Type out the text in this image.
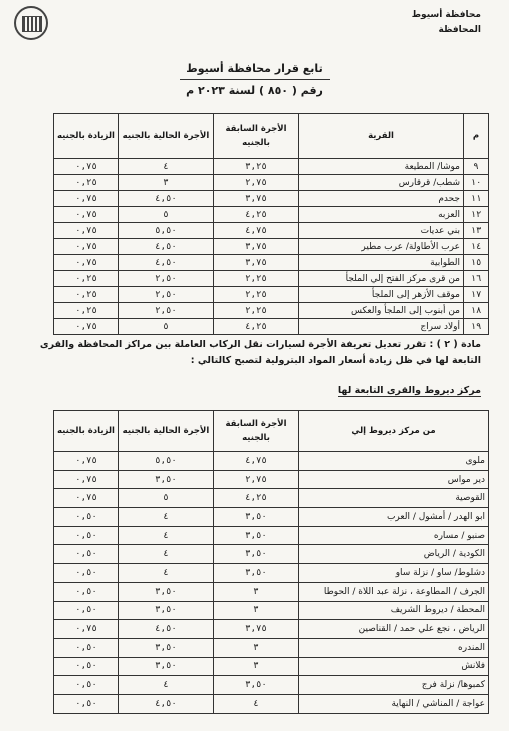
محافظة أسيوط
المحافظة
تابع قرار محافظة أسيوط
رقم ( ٨٥٠ ) لسنة ٢٠٢٣ م
م	القرية	الأجرة السابقة بالجنيه	الأجرة الحالية بالجنيه	الزيادة بالجنيه
٩	موشا/ المطيعة	٣,٢٥	٤	٠,٧٥
١٠	شطب/ قرقارس	٢,٧٥	٣	٠,٢٥
١١	جحدم	٣,٧٥	٤,٥٠	٠,٧٥
١٢	العزبه	٤,٢٥	٥	٠,٧٥
١٣	بني عديات	٤,٧٥	٥,٥٠	٠,٧٥
١٤	عرب الأطاولة/ عرب مطير	٣,٧٥	٤,٥٠	٠,٧٥
١٥	الطوابية	٣,٧٥	٤,٥٠	٠,٧٥
١٦	من قرى مركز الفتح إلي الملجأ	٢,٢٥	٢,٥٠	٠,٢٥
١٧	موقف الأزهر إلى الملجأ	٢,٢٥	٢,٥٠	٠,٢٥
١٨	من أبنوب إلى الملجأ والعكس	٢,٢٥	٢,٥٠	٠,٢٥
١٩	أولاد سراج	٤,٢٥	٥	٠,٧٥
مادة ( ٢ ) : تقرر تعديل تعريفة الأجرة لسيارات نقل الركاب العاملة بين مراكز المحافظة والقرى التابعة لها في ظل زيادة أسعار المواد البترولية لتصبح كالتالي :
مركز ديروط والقرى التابعة لها
من مركز ديروط إلي	الأجرة السابقة بالجنيه	الأجرة الحالية بالجنيه	الزيادة بالجنيه
ملوى	٤,٧٥	٥,٥٠	٠,٧٥
دير مواس	٢,٧٥	٣,٥٠	٠,٧٥
القوصية	٤,٢٥	٥	٠,٧٥
ابو الهدر / أمشول / العرب	٣,٥٠	٤	٠,٥٠
صنبو / مساره	٣,٥٠	٤	٠,٥٠
الكودية / الرياض	٣,٥٠	٤	٠,٥٠
دشلوط/ ساو / نزلة ساو	٣,٥٠	٤	٠,٥٠
الجرف / المطاوعة ، نزلة عبد اللاة / الحوطا	٣	٣,٥٠	٠,٥٠
المحطة / ديروط الشريف	٣	٣,٥٠	٠,٥٠
الرياض ، نجع علي حمد / القناصين	٣,٧٥	٤,٥٠	٠,٧٥
المندره	٣	٣,٥٠	٠,٥٠
فلانش	٣	٣,٥٠	٠,٥٠
كمبوها/ نزلة فرج	٣,٥٠	٤	٠,٥٠
عواجة / المناشي / النهاية	٤	٤,٥٠	٠,٥٠
